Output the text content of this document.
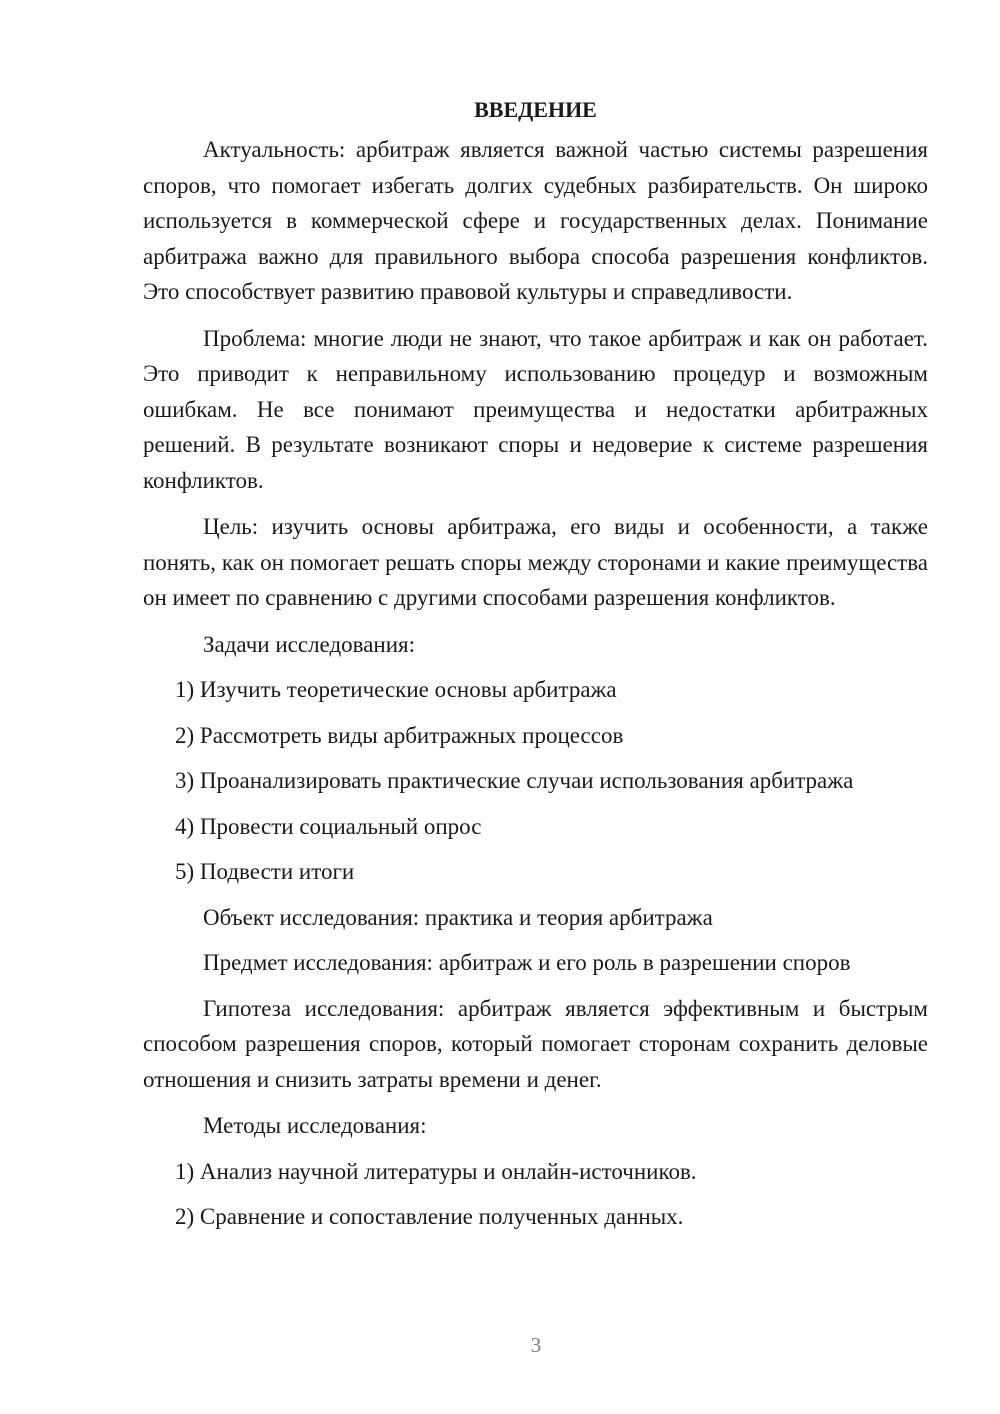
ВВЕДЕНИЕ

Актуальность: арбитраж является важной частью системы разрешения споров, что помогает избегать долгих судебных разбирательств. Он широко используется в коммерческой сфере и государственных делах. Понимание арбитража важно для правильного выбора способа разрешения конфликтов. Это способствует развитию правовой культуры и справедливости.

Проблема: многие люди не знают, что такое арбитраж и как он работает. Это приводит к неправильному использованию процедур и возможным ошибкам. Не все понимают преимущества и недостатки арбитражных решений. В результате возникают споры и недоверие к системе разрешения конфликтов.

Цель: изучить основы арбитража, его виды и особенности, а также понять, как он помогает решать споры между сторонами и какие преимущества он имеет по сравнению с другими способами разрешения конфликтов.

Задачи исследования:

1) Изучить теоретические основы арбитража

2) Рассмотреть виды арбитражных процессов

3) Проанализировать практические случаи использования арбитража

4) Провести социальный опрос

5) Подвести итоги

Объект исследования: практика и теория арбитража

Предмет исследования: арбитраж и его роль в разрешении споров

Гипотеза исследования: арбитраж является эффективным и быстрым способом разрешения споров, который помогает сторонам сохранить деловые отношения и снизить затраты времени и денег.

Методы исследования:

1) Анализ научной литературы и онлайн-источников.

2) Сравнение и сопоставление полученных данных.

3
